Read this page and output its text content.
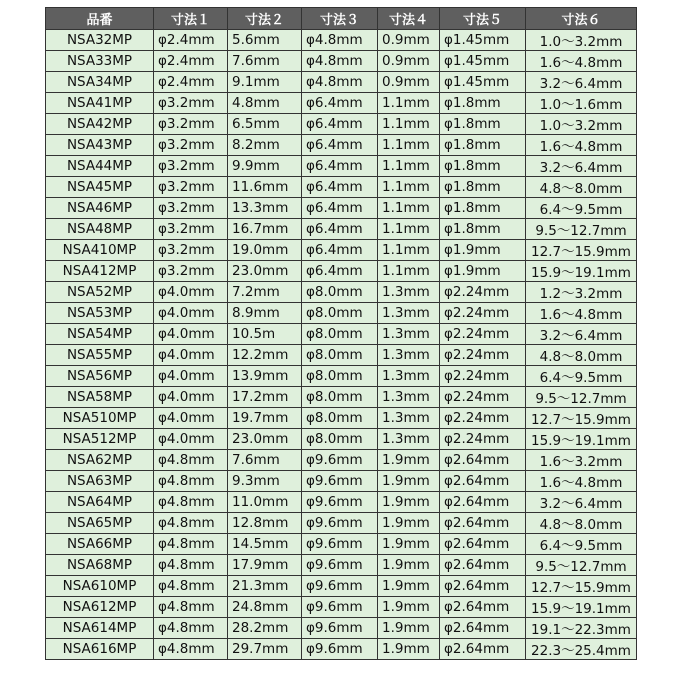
品番	寸法１	寸法２	寸法３	寸法４	寸法５	寸法６
NSA32MP	φ2.4mm	5.6mm	φ4.8mm	0.9mm	φ1.45mm	1.0～3.2mm
NSA33MP	φ2.4mm	7.6mm	φ4.8mm	0.9mm	φ1.45mm	1.6～4.8mm
NSA34MP	φ2.4mm	9.1mm	φ4.8mm	0.9mm	φ1.45mm	3.2～6.4mm
NSA41MP	φ3.2mm	4.8mm	φ6.4mm	1.1mm	φ1.8mm	1.0～1.6mm
NSA42MP	φ3.2mm	6.5mm	φ6.4mm	1.1mm	φ1.8mm	1.0～3.2mm
NSA43MP	φ3.2mm	8.2mm	φ6.4mm	1.1mm	φ1.8mm	1.6～4.8mm
NSA44MP	φ3.2mm	9.9mm	φ6.4mm	1.1mm	φ1.8mm	3.2～6.4mm
NSA45MP	φ3.2mm	11.6mm	φ6.4mm	1.1mm	φ1.8mm	4.8～8.0mm
NSA46MP	φ3.2mm	13.3mm	φ6.4mm	1.1mm	φ1.8mm	6.4～9.5mm
NSA48MP	φ3.2mm	16.7mm	φ6.4mm	1.1mm	φ1.8mm	9.5～12.7mm
NSA410MP	φ3.2mm	19.0mm	φ6.4mm	1.1mm	φ1.9mm	12.7～15.9mm
NSA412MP	φ3.2mm	23.0mm	φ6.4mm	1.1mm	φ1.9mm	15.9～19.1mm
NSA52MP	φ4.0mm	7.2mm	φ8.0mm	1.3mm	φ2.24mm	1.2～3.2mm
NSA53MP	φ4.0mm	8.9mm	φ8.0mm	1.3mm	φ2.24mm	1.6～4.8mm
NSA54MP	φ4.0mm	10.5m	φ8.0mm	1.3mm	φ2.24mm	3.2～6.4mm
NSA55MP	φ4.0mm	12.2mm	φ8.0mm	1.3mm	φ2.24mm	4.8～8.0mm
NSA56MP	φ4.0mm	13.9mm	φ8.0mm	1.3mm	φ2.24mm	6.4～9.5mm
NSA58MP	φ4.0mm	17.2mm	φ8.0mm	1.3mm	φ2.24mm	9.5～12.7mm
NSA510MP	φ4.0mm	19.7mm	φ8.0mm	1.3mm	φ2.24mm	12.7～15.9mm
NSA512MP	φ4.0mm	23.0mm	φ8.0mm	1.3mm	φ2.24mm	15.9～19.1mm
NSA62MP	φ4.8mm	7.6mm	φ9.6mm	1.9mm	φ2.64mm	1.6～3.2mm
NSA63MP	φ4.8mm	9.3mm	φ9.6mm	1.9mm	φ2.64mm	1.6～4.8mm
NSA64MP	φ4.8mm	11.0mm	φ9.6mm	1.9mm	φ2.64mm	3.2～6.4mm
NSA65MP	φ4.8mm	12.8mm	φ9.6mm	1.9mm	φ2.64mm	4.8～8.0mm
NSA66MP	φ4.8mm	14.5mm	φ9.6mm	1.9mm	φ2.64mm	6.4～9.5mm
NSA68MP	φ4.8mm	17.9mm	φ9.6mm	1.9mm	φ2.64mm	9.5～12.7mm
NSA610MP	φ4.8mm	21.3mm	φ9.6mm	1.9mm	φ2.64mm	12.7～15.9mm
NSA612MP	φ4.8mm	24.8mm	φ9.6mm	1.9mm	φ2.64mm	15.9～19.1mm
NSA614MP	φ4.8mm	28.2mm	φ9.6mm	1.9mm	φ2.64mm	19.1～22.3mm
NSA616MP	φ4.8mm	29.7mm	φ9.6mm	1.9mm	φ2.64mm	22.3～25.4mm
